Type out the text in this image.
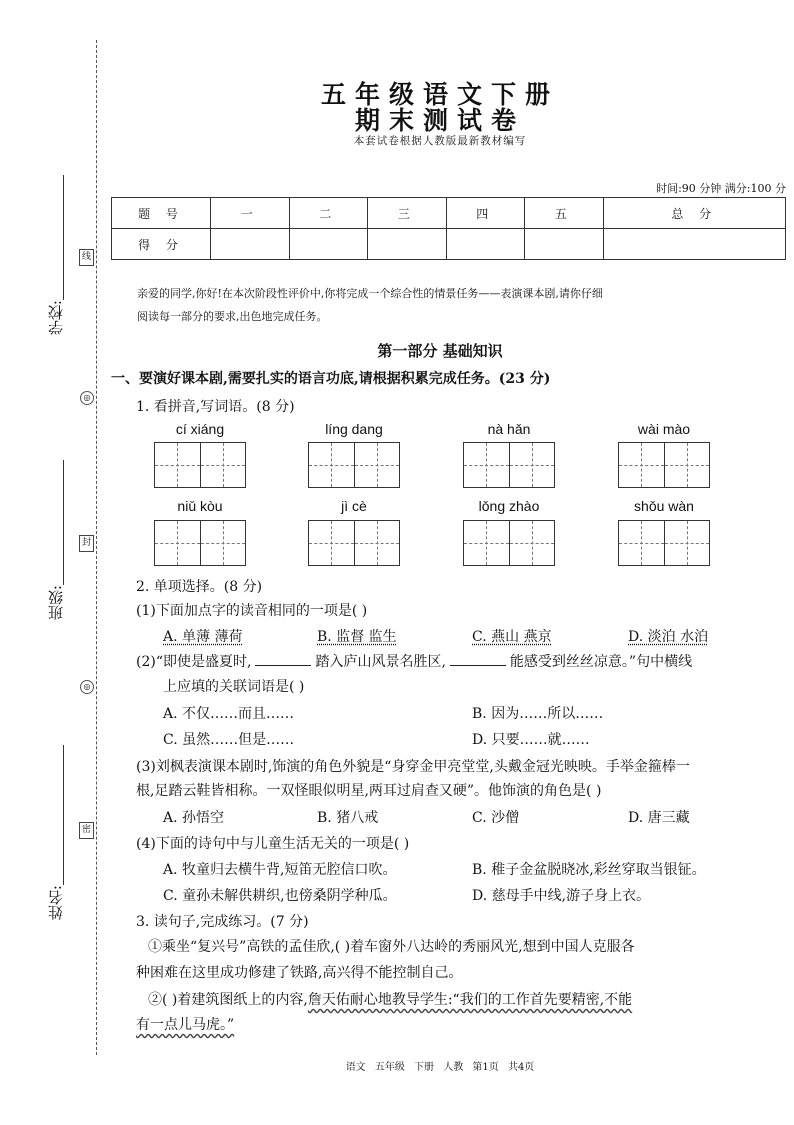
学校:
班级:
姓名:
线
封
密
◎
◎
五年级语文下册
期末测试卷
本套试卷根据人教版最新教材编写
时间:90 分钟 满分:100 分
题 号	一	二	三	四	五	总 分
得 分						
亲爱的同学,你好!在本次阶段性评价中,你将完成一个综合性的情景任务——表演课本剧,请你仔细
阅读每一部分的要求,出色地完成任务。
第一部分 基础知识
一、要演好课本剧,需要扎实的语言功底,请根据积累完成任务。(23 分)
1. 看拼音,写词语。(8 分)
cí xiáng	líng dang	nà hǎn	wài mào
niǔ kòu	jì cè	lǒng zhào	shǒu wàn
2. 单项选择。(8 分)
(1)下面加点字的读音相同的一项是( )
A. 单薄 薄荷	B. 监督 监生	C. 燕山 燕京	D. 淡泊 水泊
(2)“即使是盛夏时,	踏入庐山风景名胜区,	能感受到丝丝凉意。”句中横线
上应填的关联词语是( )
A. 不仅……而且……	B. 因为……所以……
C. 虽然……但是……	D. 只要……就……
(3)刘枫表演课本剧时,饰演的角色外貌是“身穿金甲亮堂堂,头戴金冠光映映。手举金箍棒一
根,足踏云鞋皆相称。一双怪眼似明星,两耳过肩查又硬”。他饰演的角色是( )
A. 孙悟空	B. 猪八戒	C. 沙僧	D. 唐三藏
(4)下面的诗句中与儿童生活无关的一项是( )
A. 牧童归去横牛背,短笛无腔信口吹。	B. 稚子金盆脱晓冰,彩丝穿取当银钲。
C. 童孙未解供耕织,也傍桑阴学种瓜。	D. 慈母手中线,游子身上衣。
3. 读句子,完成练习。(7 分)
①乘坐“复兴号”高铁的孟佳欣,( )着车窗外八达岭的秀丽风光,想到中国人克服各
种困难在这里成功修建了铁路,高兴得不能控制自己。
②( )着建筑图纸上的内容,詹天佑耐心地教导学生:“我们的工作首先要精密,不能
有一点儿马虎。”
语文 五年级 下册 人教 第1页 共4页
